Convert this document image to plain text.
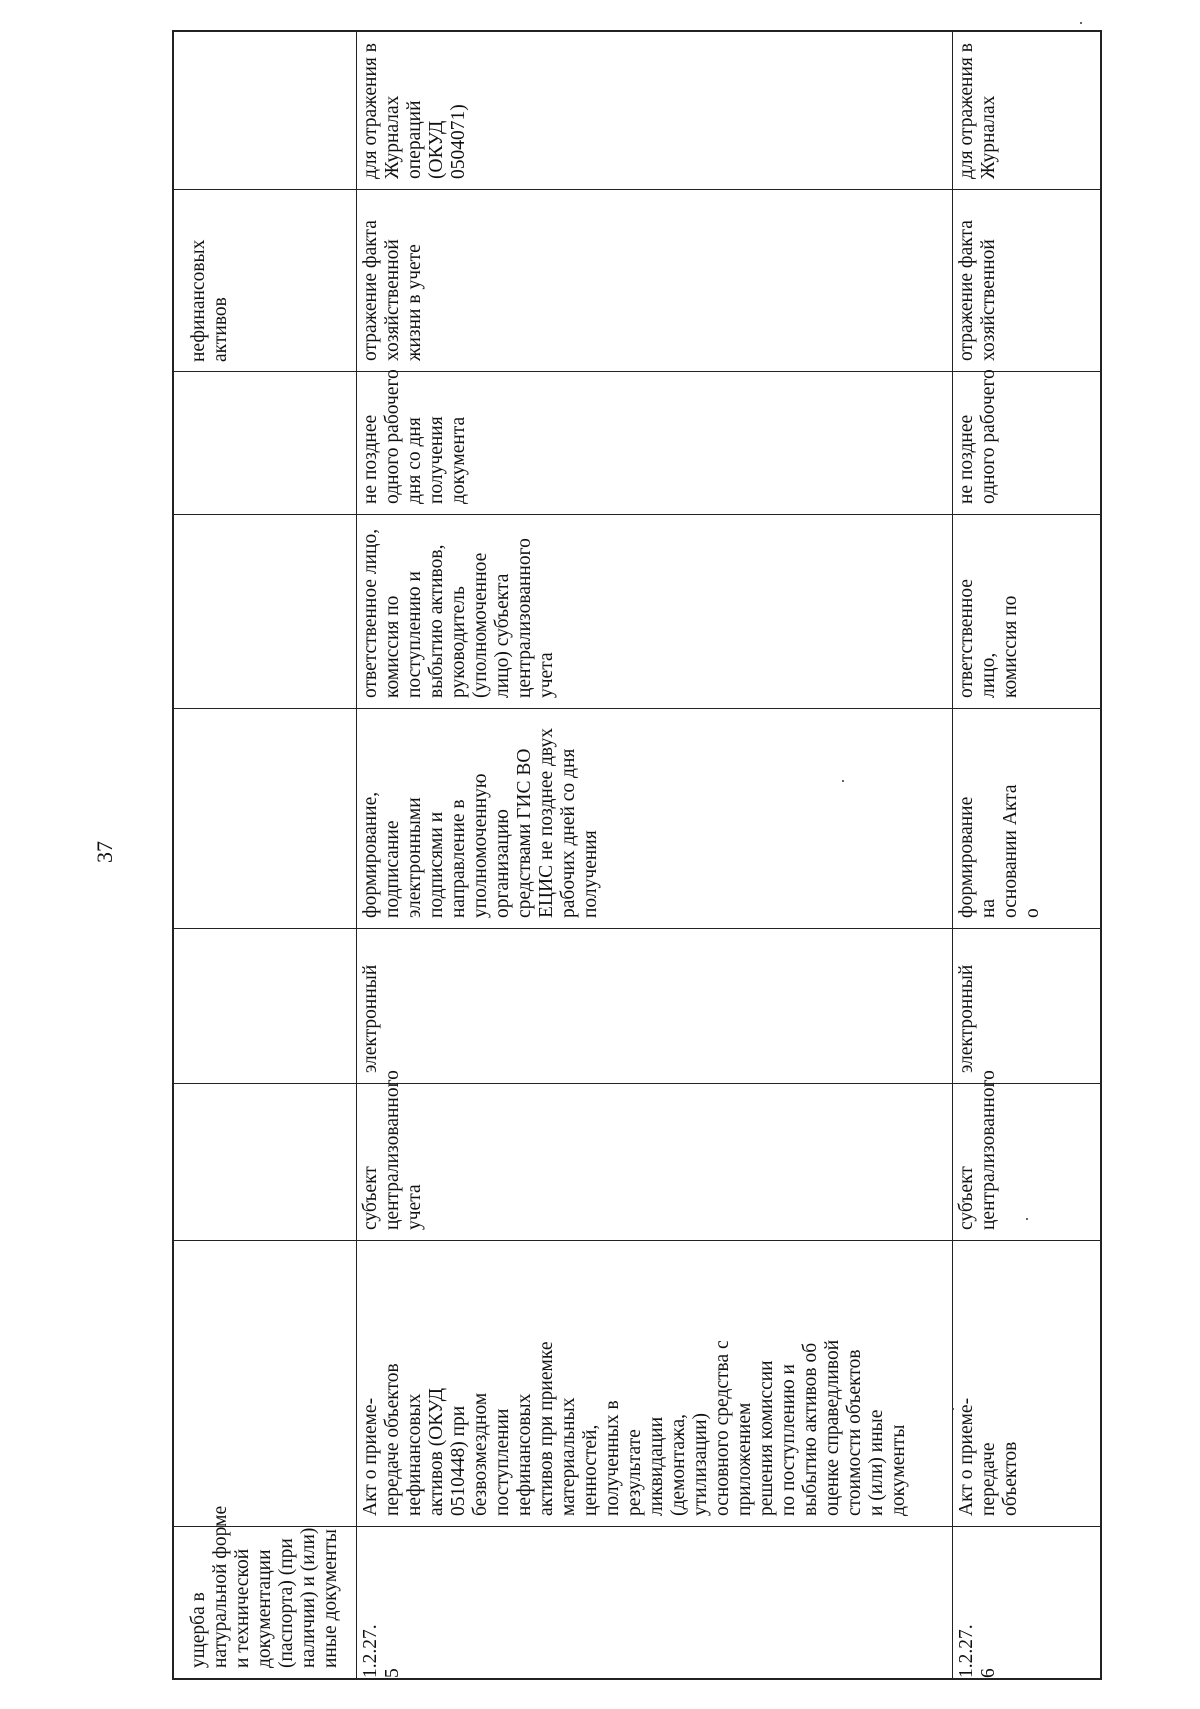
37
ущерба в
натуральной форме
и технической
документации
(паспорта) (при
наличии) и (или)
иные документы
нефинансовых
активов
1.2.27.
5
Акт о приеме-
передаче объектов
нефинансовых
активов (ОКУД
0510448) при
безвозмездном
поступлении
нефинансовых
активов при приемке
материальных
ценностей,
полученных в
результате
ликвидации
(демонтажа,
утилизации)
основного средства с
приложением
решения комиссии
по поступлению и
выбытию активов об
оценке справедливой
стоимости объектов
и (или) иные
документы
субъект
централизованного
учета
электронный
формирование,
подписание
электронными
подписями и
направление в
уполномоченную
организацию
средствами ГИС ВО
ЕЦИС не позднее двух
рабочих дней со дня
получения
ответственное лицо,
комиссия по
поступлению и
выбытию активов,
руководитель
(уполномоченное
лицо) субъекта
централизованного
учета
не позднее
одного рабочего
дня со дня
получения
документа
отражение факта
хозяйственной
жизни в учете
для отражения в
Журналах
операций
(ОКУД
0504071)
1.2.27.
6
Акт о приеме-
передаче объектов
субъект
централизованного
электронный
формирование на
основании Акта о
ответственное лицо,
комиссия по
не позднее
одного рабочего
отражение факта
хозяйственной
для отражения в
Журналах
